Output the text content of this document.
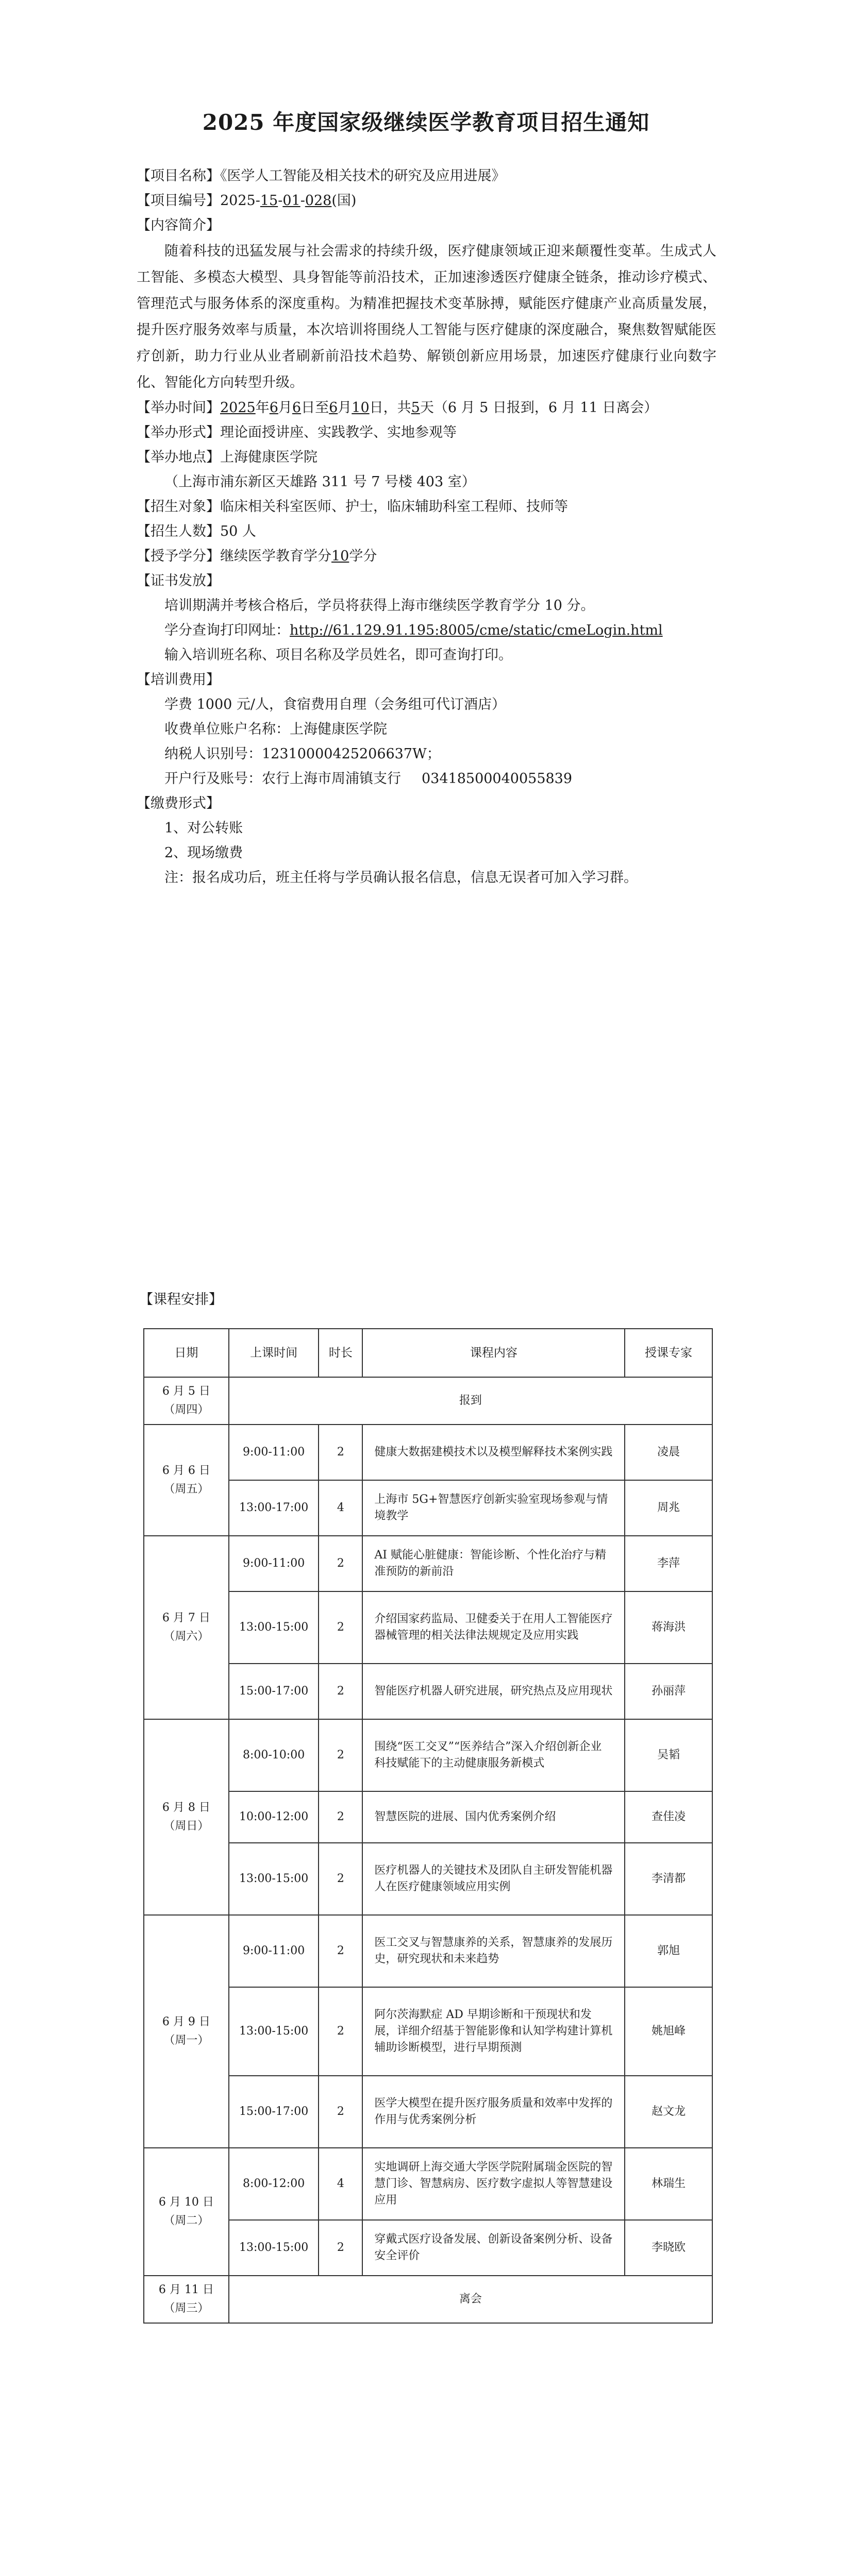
2025 年度国家级继续医学教育项目招生通知
【项目名称】《医学人工智能及相关技术的研究及应用进展》
【项目编号】2025-15-01-028(国)
【内容简介】
随着科技的迅猛发展与社会需求的持续升级，医疗健康领域正迎来颠覆性变革。生成式人工智能、多模态大模型、具身智能等前沿技术，正加速渗透医疗健康全链条，推动诊疗模式、管理范式与服务体系的深度重构。为精准把握技术变革脉搏，赋能医疗健康产业高质量发展，提升医疗服务效率与质量，本次培训将围绕人工智能与医疗健康的深度融合，聚焦数智赋能医疗创新，助力行业从业者刷新前沿技术趋势、解锁创新应用场景，加速医疗健康行业向数字化、智能化方向转型升级。
【举办时间】2025年6月6日至6月10日，共5天（6 月 5 日报到，6 月 11 日离会）
【举办形式】理论面授讲座、实践教学、实地参观等
【举办地点】上海健康医学院
（上海市浦东新区天雄路 311 号 7 号楼 403 室）
【招生对象】临床相关科室医师、护士，临床辅助科室工程师、技师等
【招生人数】50 人
【授予学分】继续医学教育学分10学分
【证书发放】
培训期满并考核合格后，学员将获得上海市继续医学教育学分 10 分。
学分查询打印网址：http://61.129.91.195:8005/cme/static/cmeLogin.html
输入培训班名称、项目名称及学员姓名，即可查询打印。
【培训费用】
学费 1000 元/人，食宿费用自理（会务组可代订酒店）
收费单位账户名称：上海健康医学院
纳税人识别号：12310000425206637W；
开户行及账号：农行上海市周浦镇支行 03418500040055839
【缴费形式】
1、对公转账
2、现场缴费
注：报名成功后，班主任将与学员确认报名信息，信息无误者可加入学习群。
【课程安排】
日期	上课时间	时长	课程内容	授课专家

6 月 5 日
（周四）	报到			

6 月 6 日
（周五）	9:00-11:00	2	健康大数据建模技术以及模型解释技术案例实践	凌晨
	13:00-17:00	4	上海市 5G+智慧医疗创新实验室现场参观与情境教学	周兆

6 月 7 日
（周六）	9:00-11:00	2	AI 赋能心脏健康：智能诊断、个性化治疗与精准预防的新前沿	李萍
	13:00-15:00	2	介绍国家药监局、卫健委关于在用人工智能医疗器械管理的相关法律法规规定及应用实践	蒋海洪
	15:00-17:00	2	智能医疗机器人研究进展，研究热点及应用现状	孙丽萍

6 月 8 日
（周日）	8:00-10:00	2	围绕“医工交叉”“医养结合”深入介绍创新企业科技赋能下的主动健康服务新模式	吴韬
	10:00-12:00	2	智慧医院的进展、国内优秀案例介绍	查佳凌
	13:00-15:00	2	医疗机器人的关键技术及团队自主研发智能机器人在医疗健康领域应用实例	李清都

6 月 9 日
（周一）	9:00-11:00	2	医工交叉与智慧康养的关系，智慧康养的发展历史，研究现状和未来趋势	郭旭
	13:00-15:00	2	阿尔茨海默症 AD 早期诊断和干预现状和发展，详细介绍基于智能影像和认知学构建计算机辅助诊断模型，进行早期预测	姚旭峰
	15:00-17:00	2	医学大模型在提升医疗服务质量和效率中发挥的作用与优秀案例分析	赵文龙

6 月 10 日
（周二）	8:00-12:00	4	实地调研上海交通大学医学院附属瑞金医院的智慧门诊、智慧病房、医疗数字虚拟人等智慧建设应用	林瑞生
	13:00-15:00	2	穿戴式医疗设备发展、创新设备案例分析、设备安全评价	李晓欧

6 月 11 日
（周三）	离会			
